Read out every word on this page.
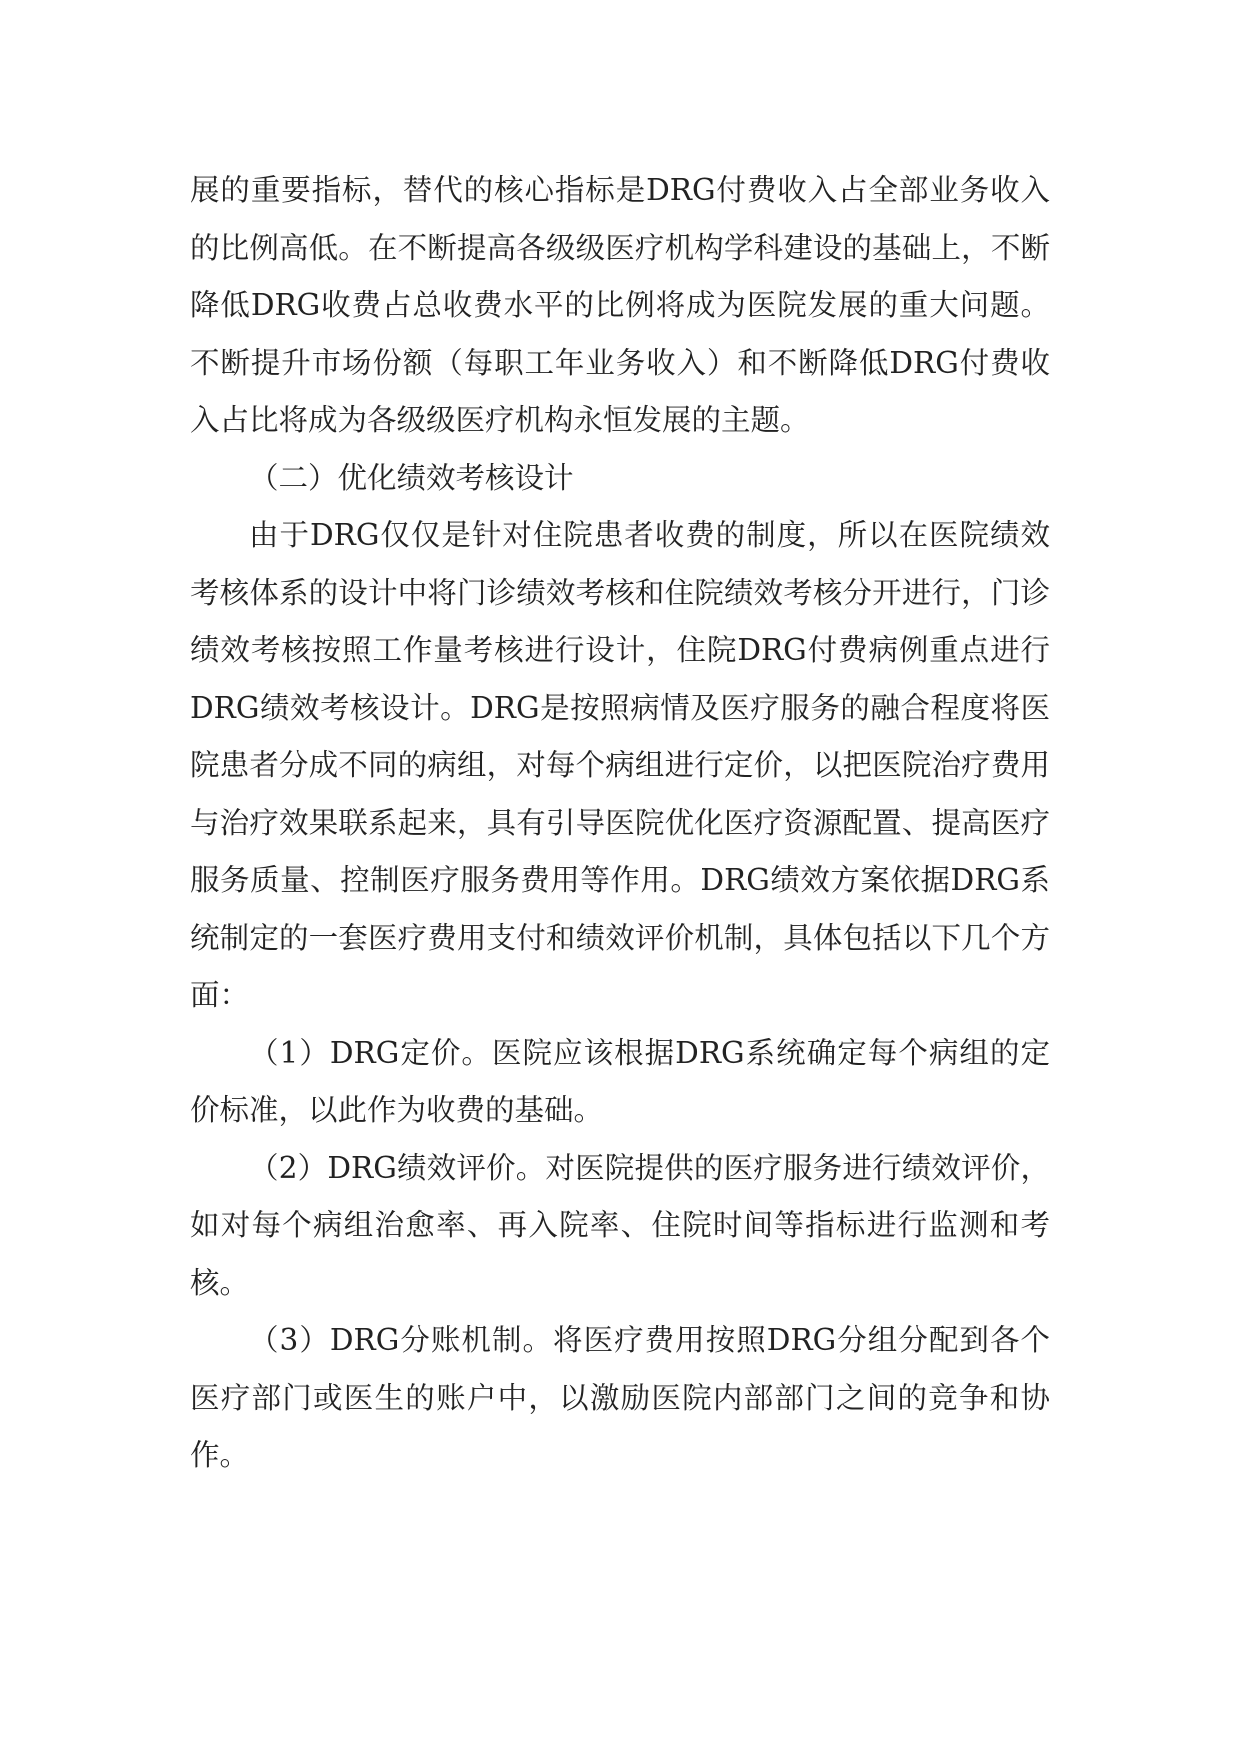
展的重要指标，替代的核心指标是DRG付费收入占全部业务收入的比例高低。在不断提高各级级医疗机构学科建设的基础上，不断降低DRG收费占总收费水平的比例将成为医院发展的重大问题。不断提升市场份额（每职工年业务收入）和不断降低DRG付费收入占比将成为各级级医疗机构永恒发展的主题。

（二）优化绩效考核设计

由于DRG仅仅是针对住院患者收费的制度，所以在医院绩效考核体系的设计中将门诊绩效考核和住院绩效考核分开进行，门诊绩效考核按照工作量考核进行设计，住院DRG付费病例重点进行DRG绩效考核设计。DRG是按照病情及医疗服务的融合程度将医院患者分成不同的病组，对每个病组进行定价，以把医院治疗费用与治疗效果联系起来，具有引导医院优化医疗资源配置、提高医疗服务质量、控制医疗服务费用等作用。DRG绩效方案依据DRG系统制定的一套医疗费用支付和绩效评价机制，具体包括以下几个方面：

（1）DRG定价。医院应该根据DRG系统确定每个病组的定价标准，以此作为收费的基础。

（2）DRG绩效评价。对医院提供的医疗服务进行绩效评价，如对每个病组治愈率、再入院率、住院时间等指标进行监测和考核。

（3）DRG分账机制。将医疗费用按照DRG分组分配到各个医疗部门或医生的账户中，以激励医院内部部门之间的竞争和协作。
